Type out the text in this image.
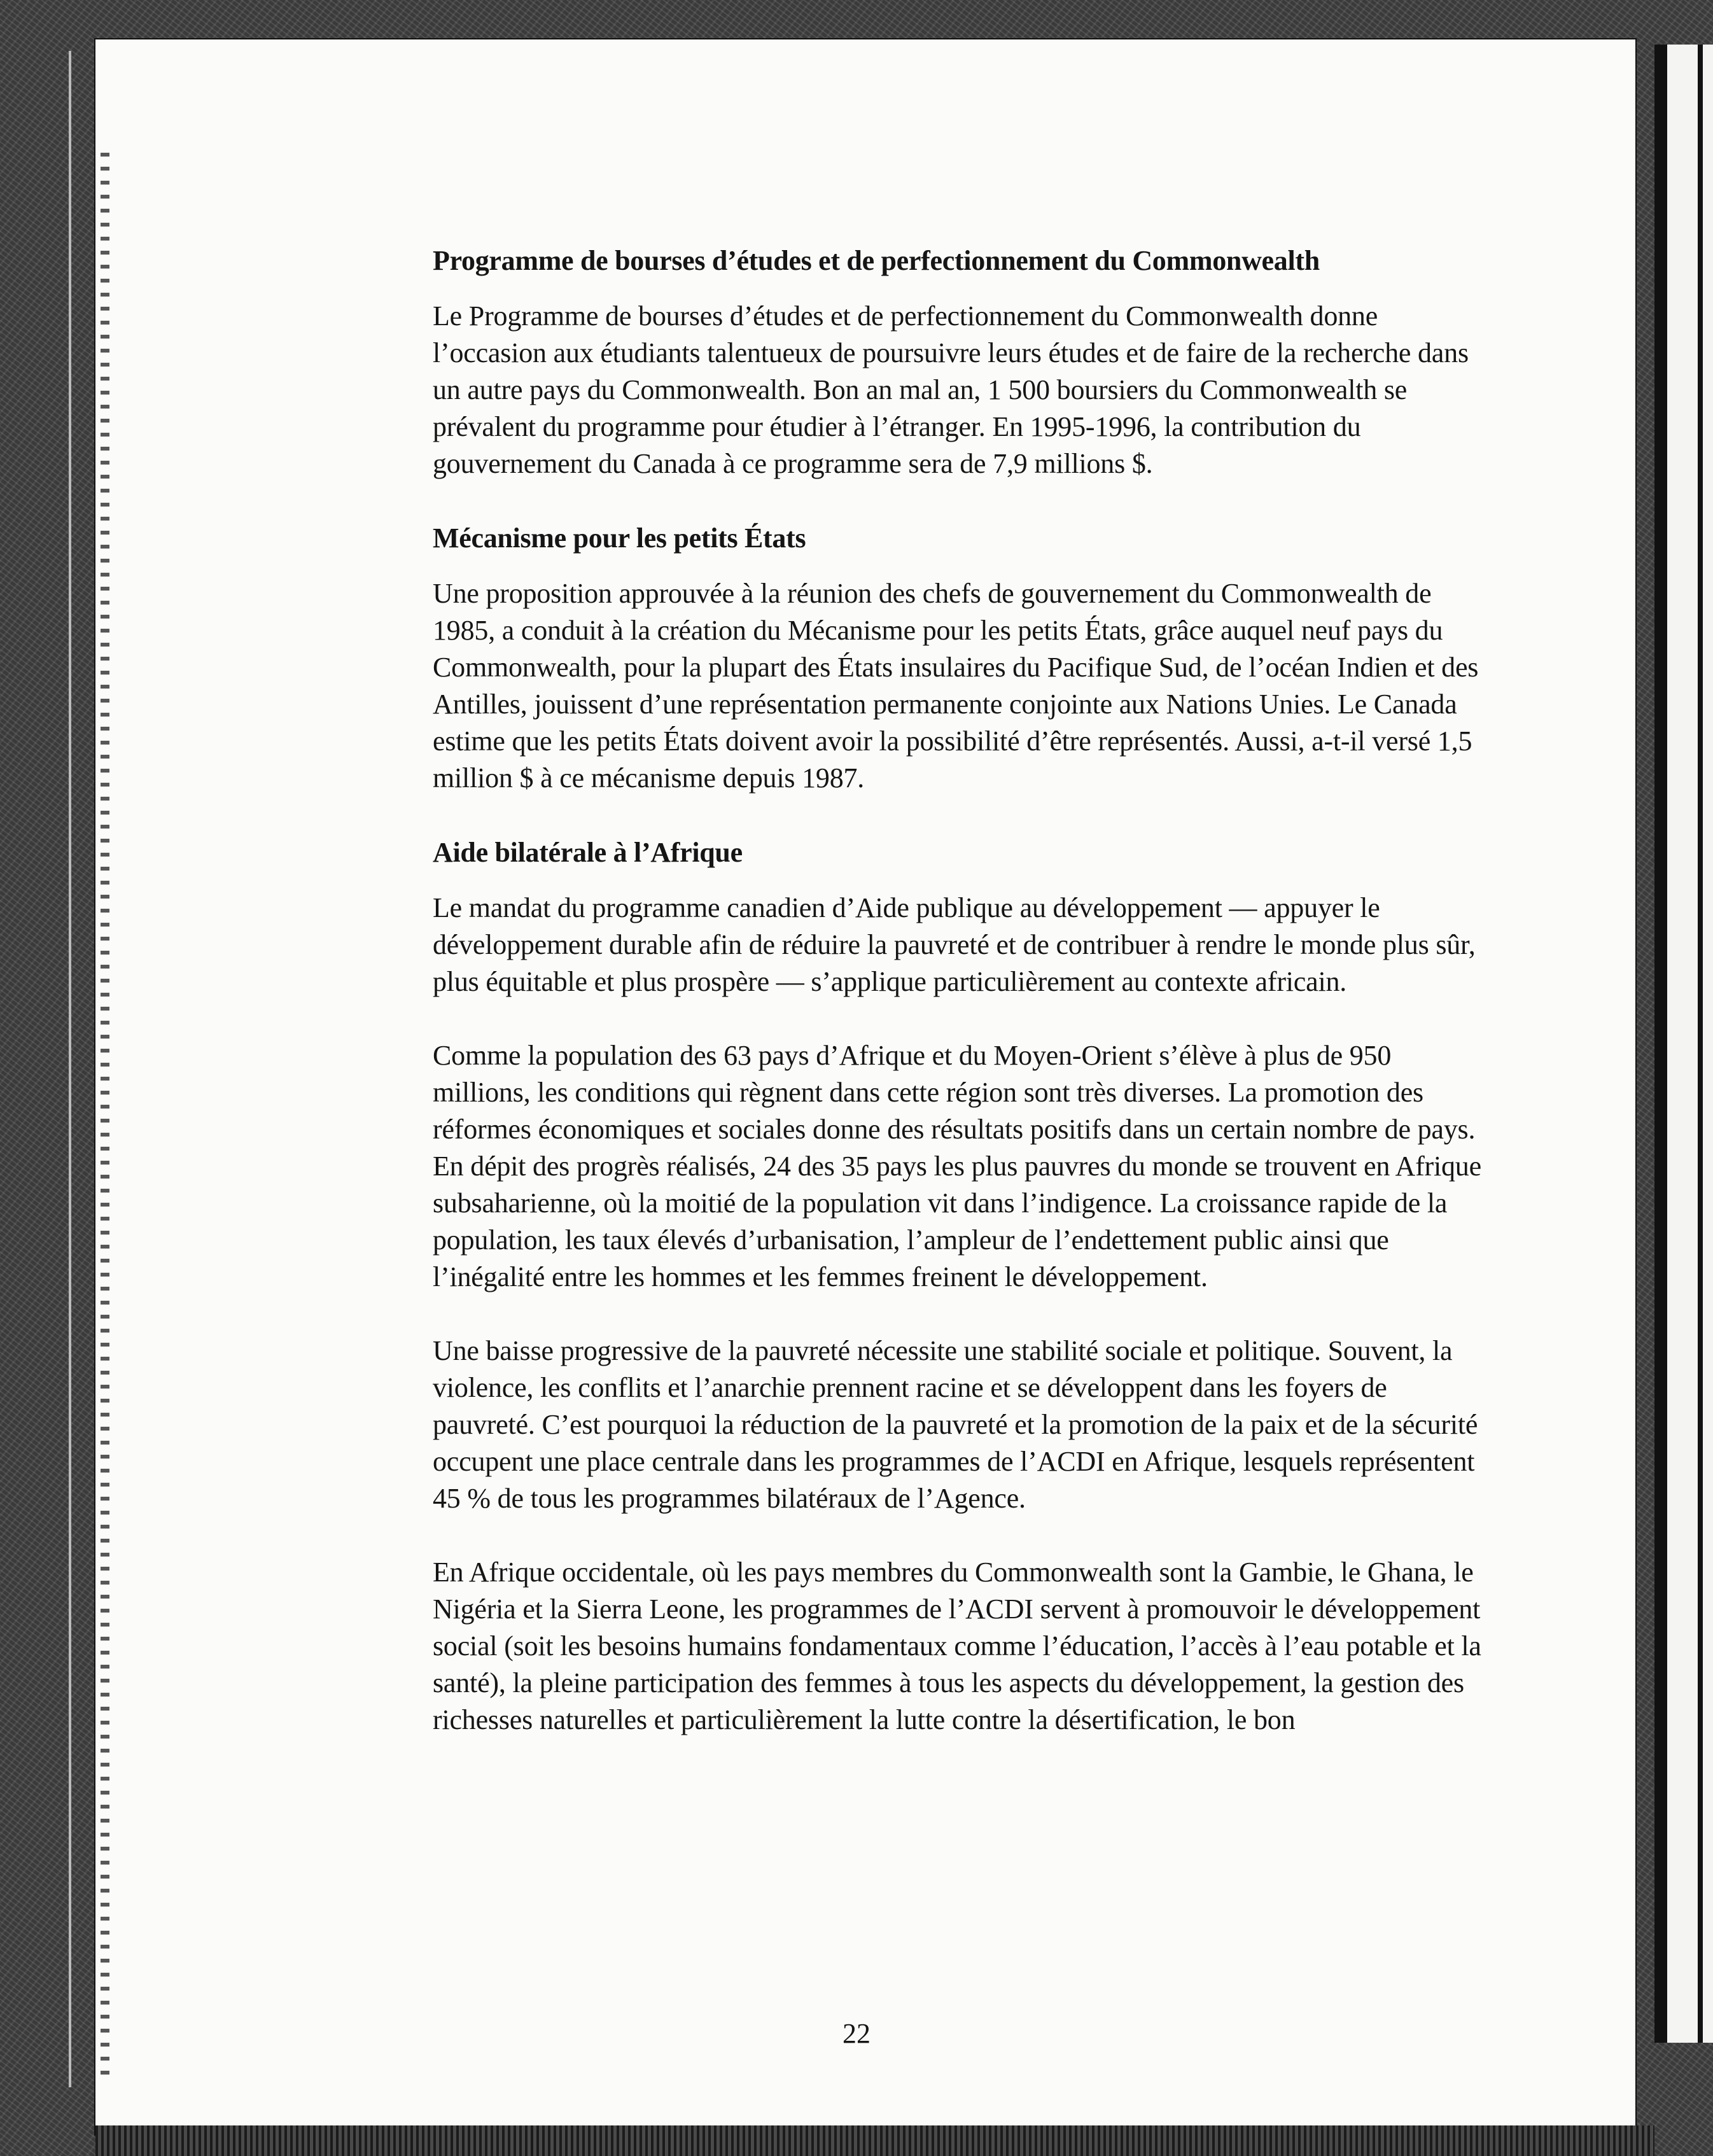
Programme de bourses d’études et de perfectionnement du Commonwealth

Le Programme de bourses d’études et de perfectionnement du Commonwealth donne l’occasion aux étudiants talentueux de poursuivre leurs études et de faire de la recherche dans un autre pays du Commonwealth. Bon an mal an, 1 500 boursiers du Commonwealth se prévalent du programme pour étudier à l’étranger. En 1995-1996, la contribution du gouvernement du Canada à ce programme sera de 7,9 millions $.

Mécanisme pour les petits États

Une proposition approuvée à la réunion des chefs de gouvernement du Commonwealth de 1985, a conduit à la création du Mécanisme pour les petits États, grâce auquel neuf pays du Commonwealth, pour la plupart des États insulaires du Pacifique Sud, de l’océan Indien et des Antilles, jouissent d’une représentation permanente conjointe aux Nations Unies. Le Canada estime que les petits États doivent avoir la possibilité d’être représentés. Aussi, a-t-il versé 1,5 million $ à ce mécanisme depuis 1987.

Aide bilatérale à l’Afrique

Le mandat du programme canadien d’Aide publique au développement — appuyer le développement durable afin de réduire la pauvreté et de contribuer à rendre le monde plus sûr, plus équitable et plus prospère — s’applique particulièrement au contexte africain.

Comme la population des 63 pays d’Afrique et du Moyen-Orient s’élève à plus de 950 millions, les conditions qui règnent dans cette région sont très diverses. La promotion des réformes économiques et sociales donne des résultats positifs dans un certain nombre de pays. En dépit des progrès réalisés, 24 des 35 pays les plus pauvres du monde se trouvent en Afrique subsaharienne, où la moitié de la population vit dans l’indigence. La croissance rapide de la population, les taux élevés d’urbanisation, l’ampleur de l’endettement public ainsi que l’inégalité entre les hommes et les femmes freinent le développement.

Une baisse progressive de la pauvreté nécessite une stabilité sociale et politique. Souvent, la violence, les conflits et l’anarchie prennent racine et se développent dans les foyers de pauvreté. C’est pourquoi la réduction de la pauvreté et la promotion de la paix et de la sécurité occupent une place centrale dans les programmes de l’ACDI en Afrique, lesquels représentent 45 % de tous les programmes bilatéraux de l’Agence.

En Afrique occidentale, où les pays membres du Commonwealth sont la Gambie, le Ghana, le Nigéria et la Sierra Leone, les programmes de l’ACDI servent à promouvoir le développement social (soit les besoins humains fondamentaux comme l’éducation, l’accès à l’eau potable et la santé), la pleine participation des femmes à tous les aspects du développement, la gestion des richesses naturelles et particulièrement la lutte contre la désertification, le bon

22
